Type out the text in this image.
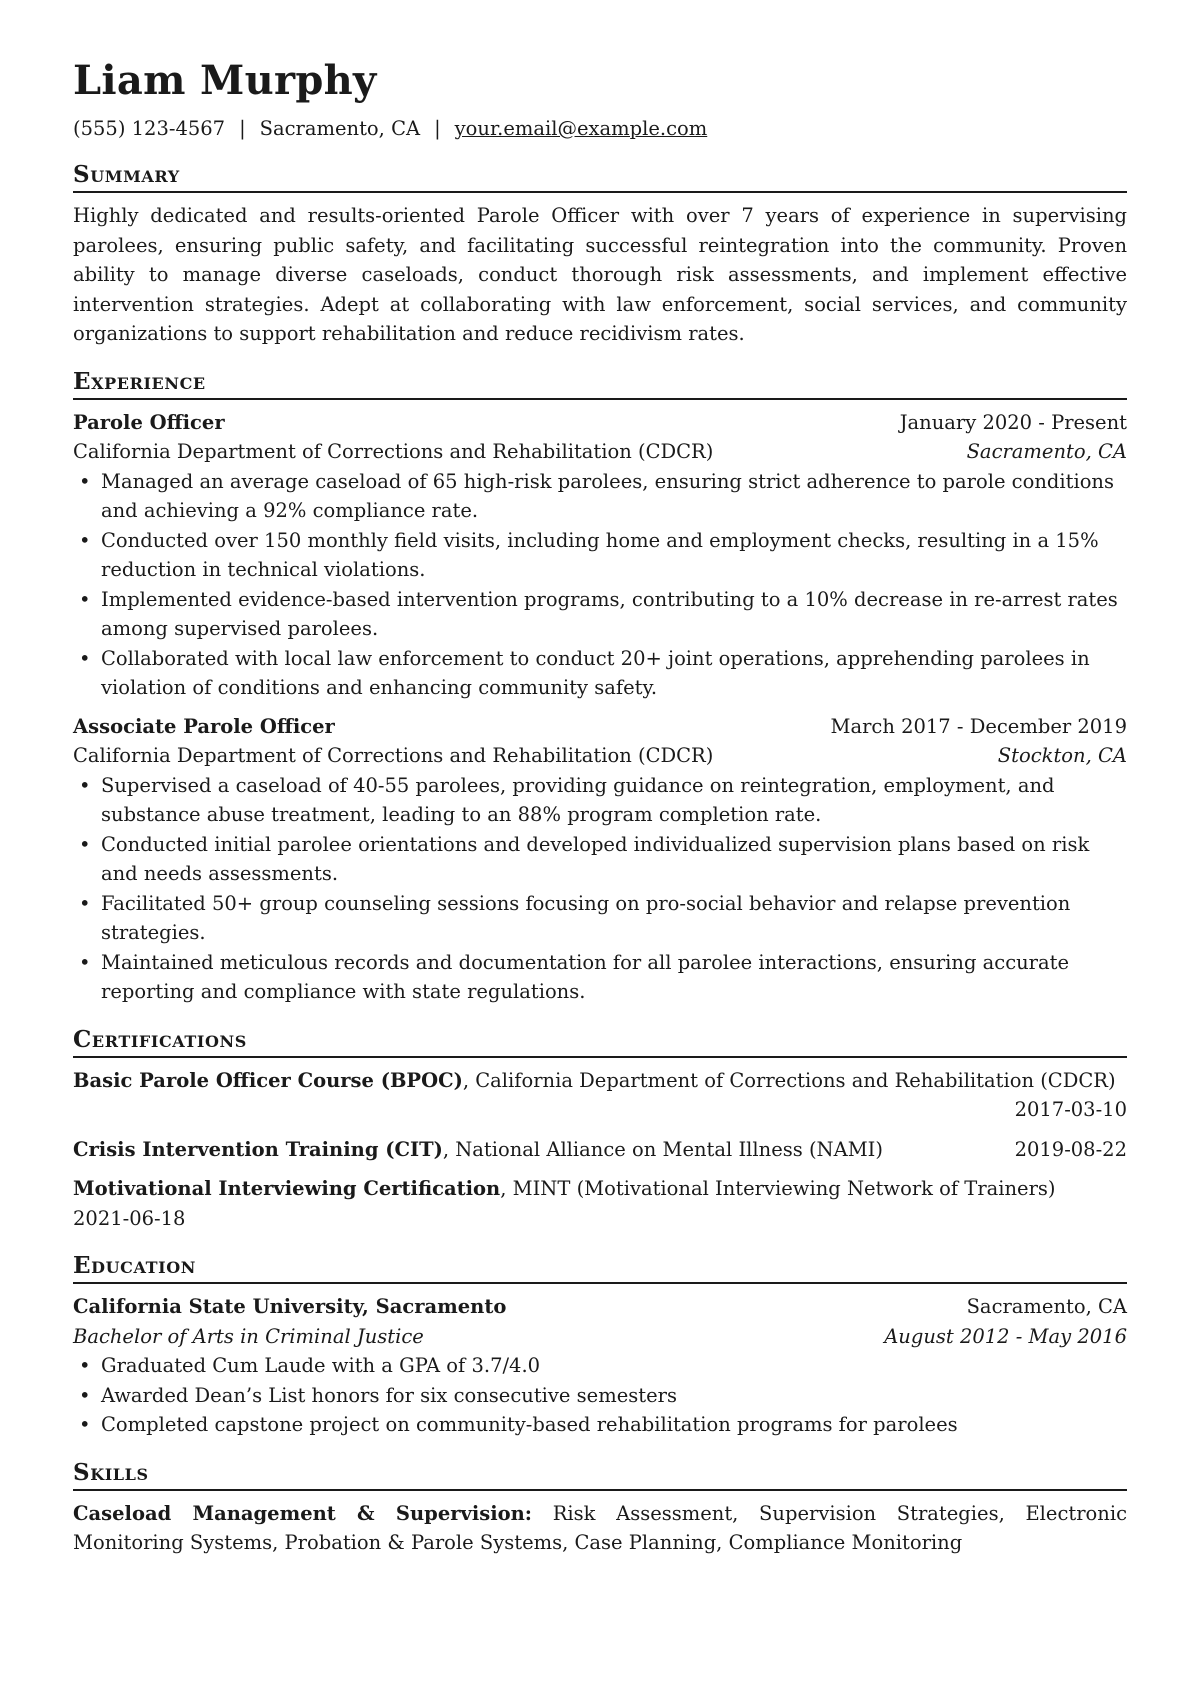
Liam Murphy
(555) 123-4567 | Sacramento, CA | your.email@example.com
Summary

Highly dedicated and results-oriented Parole Officer with over 7 years of experience in supervising parolees, ensuring public safety, and facilitating successful reintegration into the community. Proven ability to manage diverse caseloads, conduct thorough risk assessments, and implement effective intervention strategies. Adept at collaborating with law enforcement, social services, and community organizations to support rehabilitation and reduce recidivism rates.

Experience
Parole Officer	January 2020 - Present
California Department of Corrections and Rehabilitation (CDCR)	Sacramento, CA
• Managed an average caseload of 65 high-risk parolees, ensuring strict adherence to parole conditions and achieving a 92% compliance rate.
• Conducted over 150 monthly field visits, including home and employment checks, resulting in a 15% reduction in technical violations.
• Implemented evidence-based intervention programs, contributing to a 10% decrease in re-arrest rates among supervised parolees.
• Collaborated with local law enforcement to conduct 20+ joint operations, apprehending parolees in violation of conditions and enhancing community safety.
Associate Parole Officer	March 2017 - December 2019
California Department of Corrections and Rehabilitation (CDCR)	Stockton, CA
• Supervised a caseload of 40-55 parolees, providing guidance on reintegration, employment, and substance abuse treatment, leading to an 88% program completion rate.
• Conducted initial parolee orientations and developed individualized supervision plans based on risk and needs assessments.
• Facilitated 50+ group counseling sessions focusing on pro-social behavior and relapse prevention strategies.
• Maintained meticulous records and documentation for all parolee interactions, ensuring accurate reporting and compliance with state regulations.
Certifications
Basic Parole Officer Course (BPOC), California Department of Corrections and Rehabilitation (CDCR)
2017-03-10
Crisis Intervention Training (CIT), National Alliance on Mental Illness (NAMI)	2019-08-22
Motivational Interviewing Certification, MINT (Motivational Interviewing Network of Trainers)
2021-06-18
Education
California State University, Sacramento	Sacramento, CA
Bachelor of Arts in Criminal Justice	August 2012 - May 2016
• Graduated Cum Laude with a GPA of 3.7/4.0
• Awarded Dean’s List honors for six consecutive semesters
• Completed capstone project on community-based rehabilitation programs for parolees
Skills

Caseload Management & Supervision: Risk Assessment, Supervision Strategies, Electronic Monitoring Systems, Probation & Parole Systems, Case Planning, Compliance Monitoring
